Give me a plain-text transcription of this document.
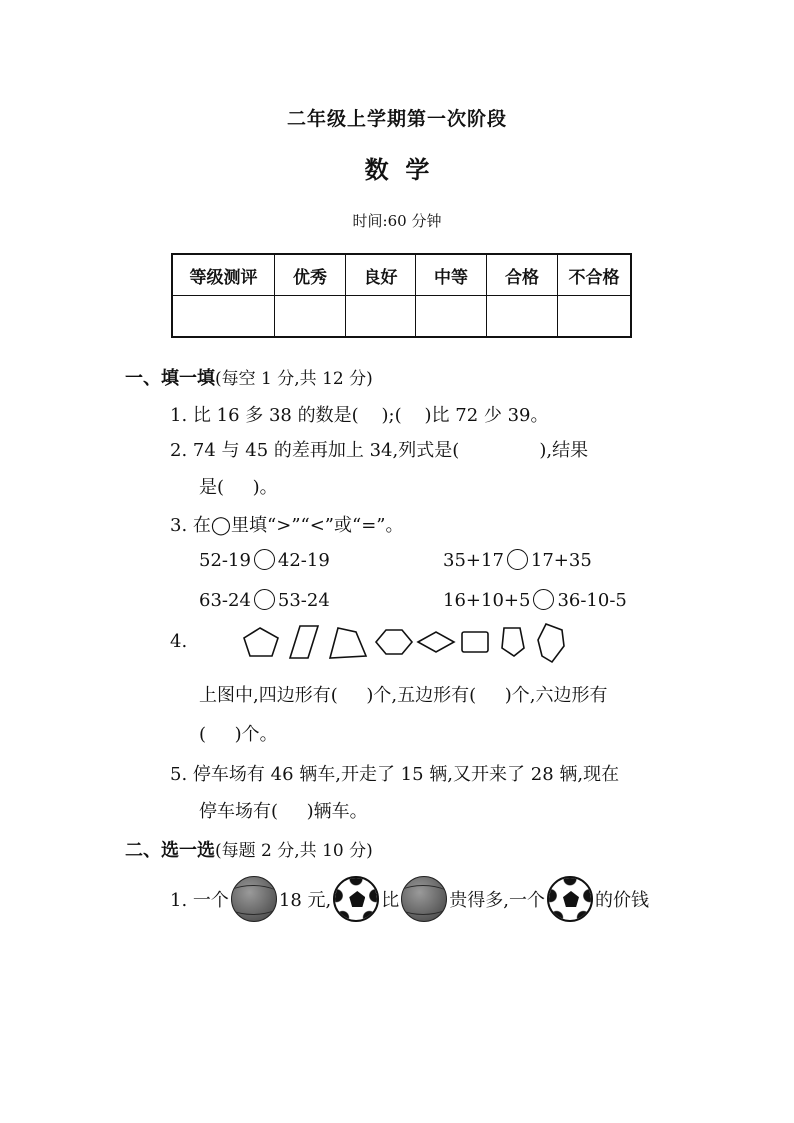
二年级上学期第一次阶段
数  学
时间:60 分钟
等级测评	优秀	良好	中等	合格	不合格

一、填一填(每空 1 分,共 12 分)
1. 比 16 多 38 的数是(    );(    )比 72 少 39。
2. 74 与 45 的差再加上 34,列式是(              ),结果
是(     )。
3. 在◯里填“>”“<”或“=”。
52-19 42-19	35+17 17+35
63-24 53-24	16+10+5 36-10-5
4.
上图中,四边形有(     )个,五边形有(     )个,六边形有
(     )个。
5. 停车场有 46 辆车,开走了 15 辆,又开来了 28 辆,现在
停车场有(     )辆车。
二、选一选(每题 2 分,共 10 分)
1. 一个	18 元,	比	贵得多,一个	的价钱
